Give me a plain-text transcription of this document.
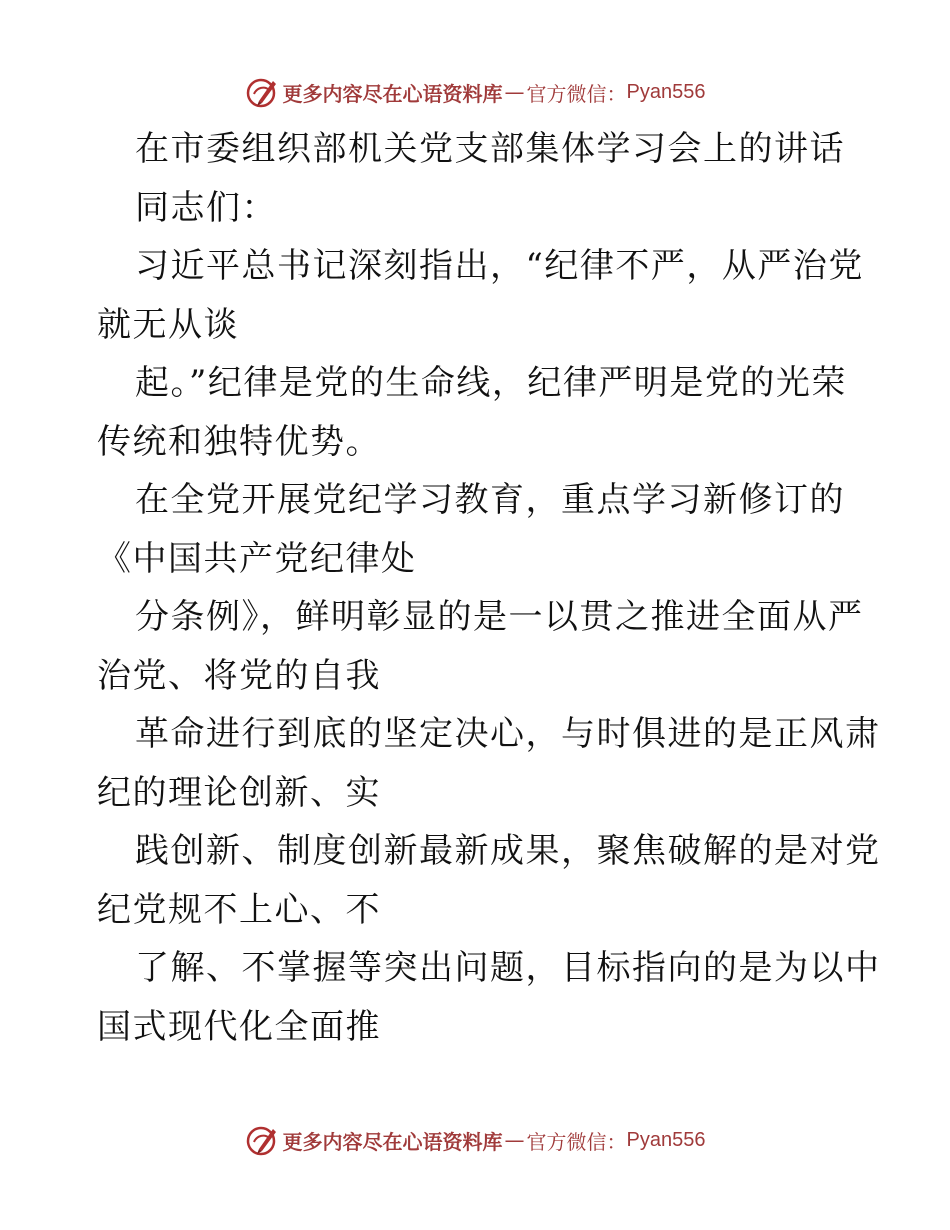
更多内容尽在心语资料库 — 官方微信： Pyan556
在市委组织部机关党支部集体学习会上的讲话
同志们：
习近平总书记深刻指出，“纪律不严，从严治党
就无从谈
起。”纪律是党的生命线，纪律严明是党的光荣
传统和独特优势。
在全党开展党纪学习教育，重点学习新修订的
《中国共产党纪律处
分条例》，鲜明彰显的是一以贯之推进全面从严
治党、将党的自我
革命进行到底的坚定决心，与时俱进的是正风肃
纪的理论创新、实
践创新、制度创新最新成果，聚焦破解的是对党
纪党规不上心、不
了解、不掌握等突出问题，目标指向的是为以中
国式现代化全面推
更多内容尽在心语资料库 — 官方微信： Pyan556
